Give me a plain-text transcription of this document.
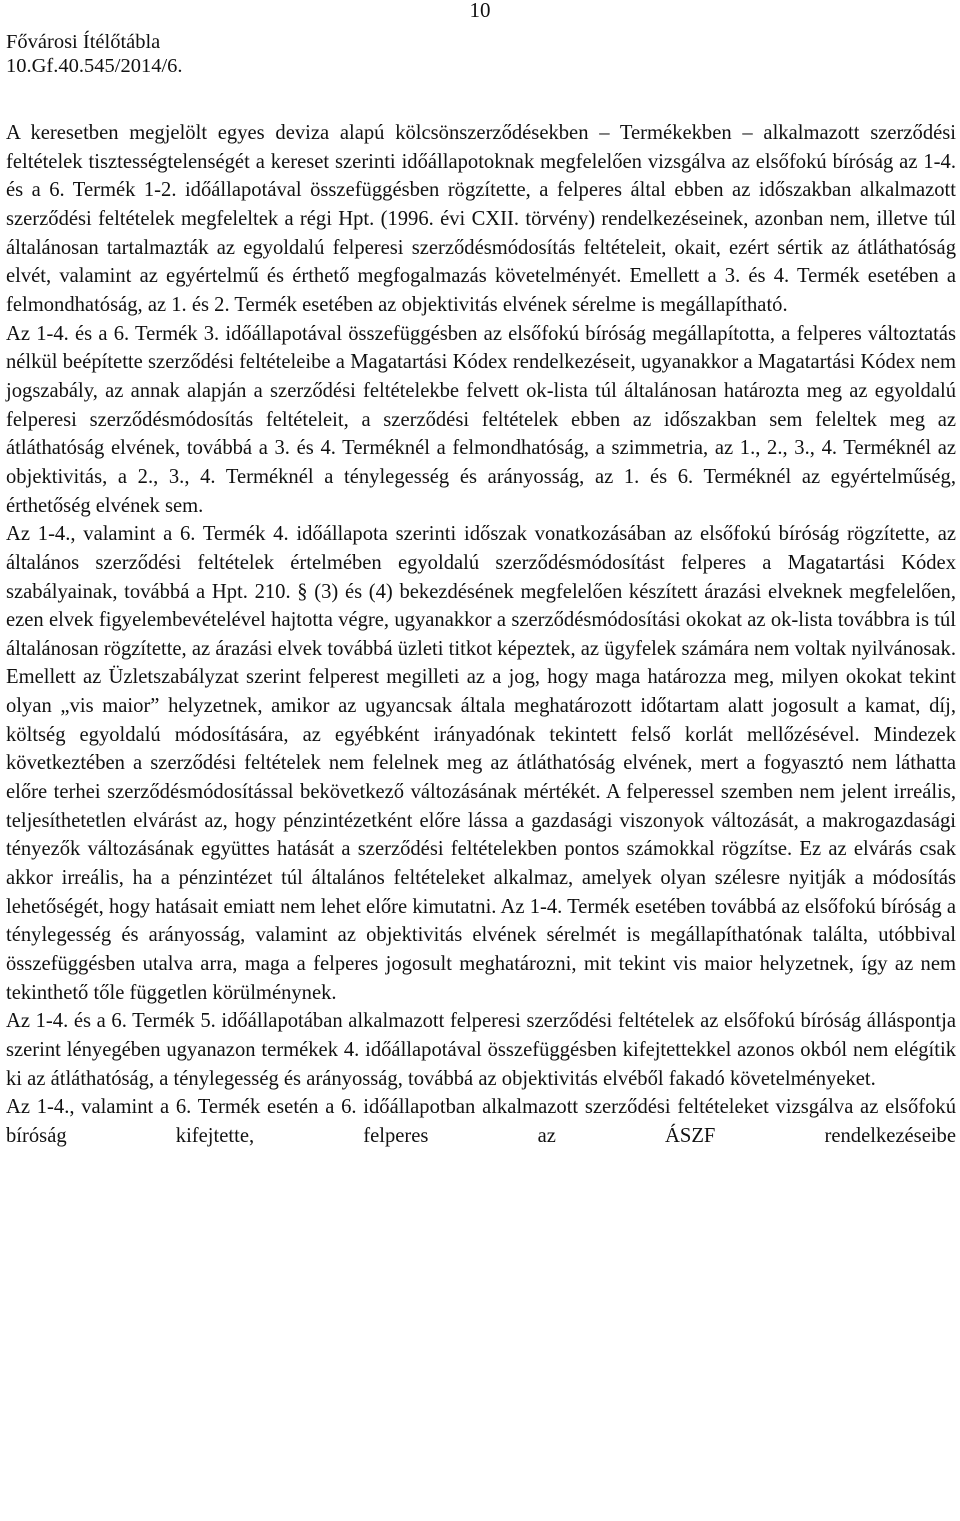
10
Fővárosi Ítélőtábla
10.Gf.40.545/2014/6.

A keresetben megjelölt egyes deviza alapú kölcsönszerződésekben – Termékekben – alkalmazott szerződési feltételek tisztességtelenségét a kereset szerinti időállapotoknak megfelelően vizsgálva az elsőfokú bíróság az 1-4. és a 6. Termék 1-2. időállapotával összefüggésben rögzítette, a felperes által ebben az időszakban alkalmazott szerződési feltételek megfeleltek a régi Hpt. (1996. évi CXII. törvény) rendelkezéseinek, azonban nem, illetve túl általánosan tartalmazták az egyoldalú felperesi szerződésmódosítás feltételeit, okait, ezért sértik az átláthatóság elvét, valamint az egyértelmű és érthető megfogalmazás követelményét. Emellett a 3. és 4. Termék esetében a felmondhatóság, az 1. és 2. Termék esetében az objektivitás elvének sérelme is megállapítható.

Az 1-4. és a 6. Termék 3. időállapotával összefüggésben az elsőfokú bíróság megállapította, a felperes változtatás nélkül beépítette szerződési feltételeibe a Magatartási Kódex rendelkezéseit, ugyanakkor a Magatartási Kódex nem jogszabály, az annak alapján a szerződési feltételekbe felvett ok-lista túl általánosan határozta meg az egyoldalú felperesi szerződésmódosítás feltételeit, a szerződési feltételek ebben az időszakban sem feleltek meg az átláthatóság elvének, továbbá a 3. és 4. Terméknél a felmondhatóság, a szimmetria, az 1., 2., 3., 4. Terméknél az objektivitás, a 2., 3., 4. Terméknél a ténylegesség és arányosság, az 1. és 6. Terméknél az egyértelműség, érthetőség elvének sem.

Az 1-4., valamint a 6. Termék 4. időállapota szerinti időszak vonatkozásában az elsőfokú bíróság rögzítette, az általános szerződési feltételek értelmében egyoldalú szerződésmódosítást felperes a Magatartási Kódex szabályainak, továbbá a Hpt. 210. § (3) és (4) bekezdésének megfelelően készített árazási elveknek megfelelően, ezen elvek figyelembevételével hajtotta végre, ugyanakkor a szerződésmódosítási okokat az ok-lista továbbra is túl általánosan rögzítette, az árazási elvek továbbá üzleti titkot képeztek, az ügyfelek számára nem voltak nyilvánosak. Emellett az Üzletszabályzat szerint felperest megilleti az a jog, hogy maga határozza meg, milyen okokat tekint olyan „vis maior” helyzetnek, amikor az ugyancsak általa meghatározott időtartam alatt jogosult a kamat, díj, költség egyoldalú módosítására, az egyébként irányadónak tekintett felső korlát mellőzésével. Mindezek következtében a szerződési feltételek nem felelnek meg az átláthatóság elvének, mert a fogyasztó nem láthatta előre terhei szerződésmódosítással bekövetkező változásának mértékét. A felperessel szemben nem jelent irreális, teljesíthetetlen elvárást az, hogy pénzintézetként előre lássa a gazdasági viszonyok változását, a makrogazdasági tényezők változásának együttes hatását a szerződési feltételekben pontos számokkal rögzítse. Ez az elvárás csak akkor irreális, ha a pénzintézet túl általános feltételeket alkalmaz, amelyek olyan szélesre nyitják a módosítás lehetőségét, hogy hatásait emiatt nem lehet előre kimutatni. Az 1-4. Termék esetében továbbá az elsőfokú bíróság a ténylegesség és arányosság, valamint az objektivitás elvének sérelmét is megállapíthatónak találta, utóbbival összefüggésben utalva arra, maga a felperes jogosult meghatározni, mit tekint vis maior helyzetnek, így az nem tekinthető tőle független körülménynek.

Az 1-4. és a 6. Termék 5. időállapotában alkalmazott felperesi szerződési feltételek az elsőfokú bíróság álláspontja szerint lényegében ugyanazon termékek 4. időállapotával összefüggésben kifejtettekkel azonos okból nem elégítik ki az átláthatóság, a ténylegesség és arányosság, továbbá az objektivitás elvéből fakadó követelményeket.

Az 1-4., valamint a 6. Termék esetén a 6. időállapotban alkalmazott szerződési feltételeket vizsgálva az elsőfokú bíróság kifejtette, felperes az ÁSZF rendelkezéseibe
